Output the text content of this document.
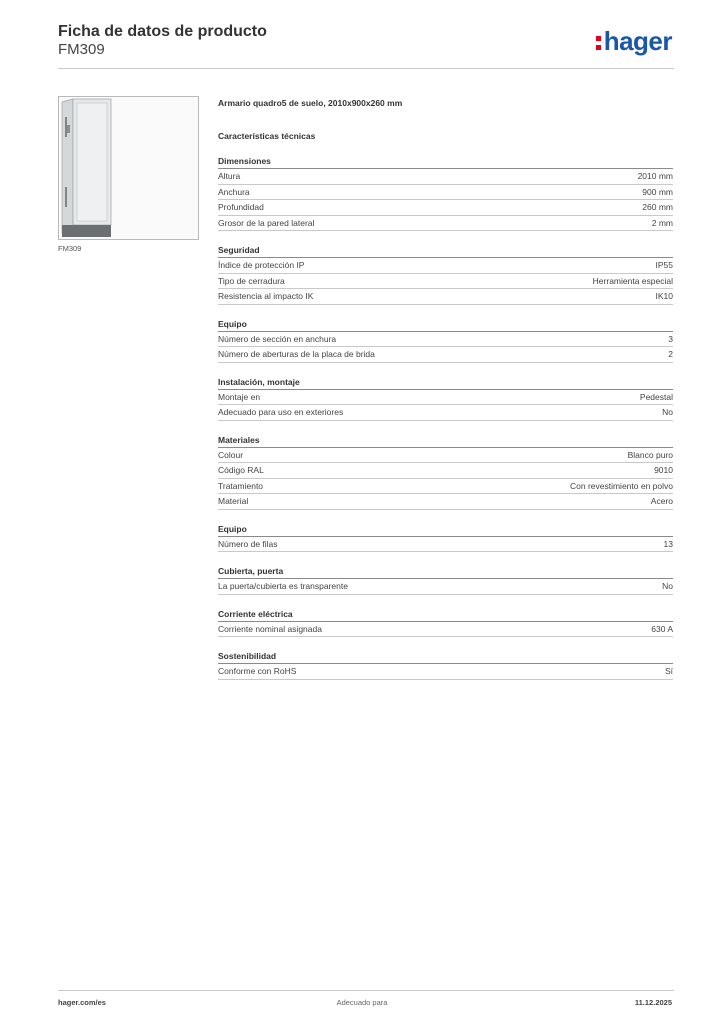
Ficha de datos de producto
FM309	hager
FM309
Armario quadro5 de suelo, 2010x900x260 mm
Características técnicas
Dimensiones
Altura	2010 mm
Anchura	900 mm
Profundidad	260 mm
Grosor de la pared lateral	2 mm
Seguridad
Índice de protección IP	IP55
Tipo de cerradura	Herramienta especial
Resistencia al impacto IK	IK10
Equipo
Número de sección en anchura	3
Número de aberturas de la placa de brida	2
Instalación, montaje
Montaje en	Pedestal
Adecuado para uso en exteriores	No
Materiales
Colour	Blanco puro
Código RAL	9010
Tratamiento	Con revestimiento en polvo
Material	Acero
Equipo
Número de filas	13
Cubierta, puerta
La puerta/cubierta es transparente	No
Corriente eléctrica
Corriente nominal asignada	630 A
Sostenibilidad
Conforme con RoHS	Sí
hager.com/es	Adecuado para	11.12.2025
